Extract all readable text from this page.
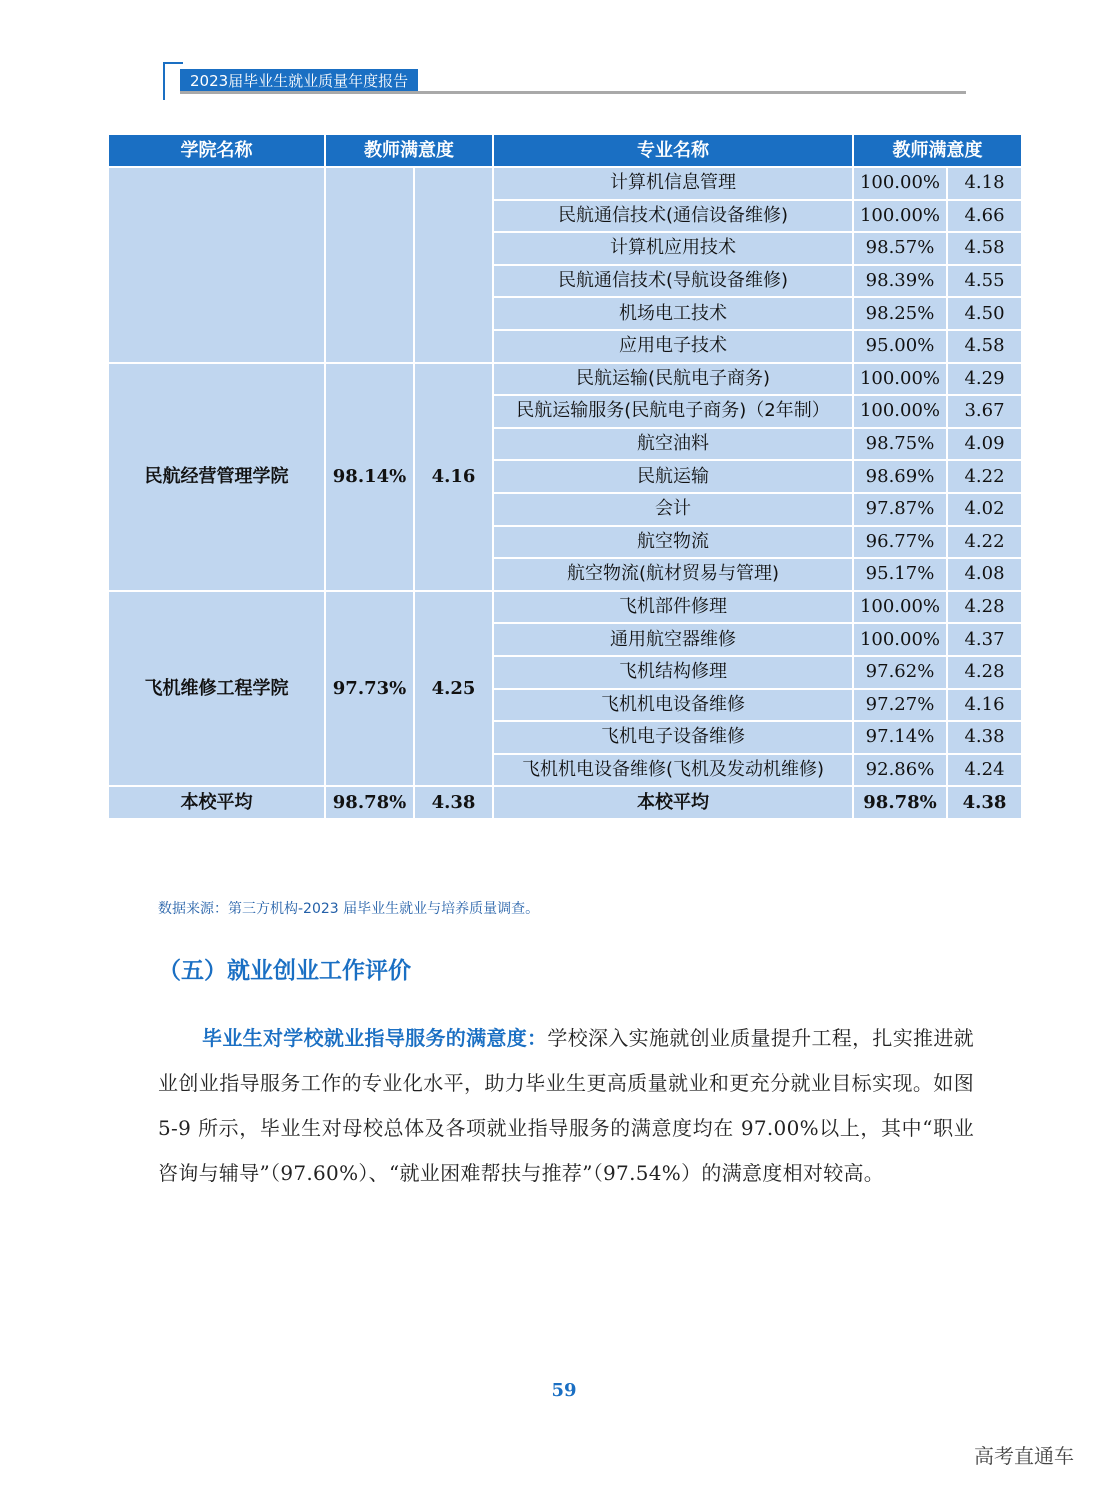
2023届毕业生就业质量年度报告
学院名称	教师满意度		专业名称	教师满意度	
			计算机信息管理	100.00%	4.18
			民航通信技术(通信设备维修)	100.00%	4.66
			计算机应用技术	98.57%	4.58
			民航通信技术(导航设备维修)	98.39%	4.55
			机场电工技术	98.25%	4.50
			应用电子技术	95.00%	4.58
民航经营管理学院	98.14%	4.16	民航运输(民航电子商务)	100.00%	4.29
			民航运输服务(民航电子商务)（2年制）	100.00%	3.67
			航空油料	98.75%	4.09
			民航运输	98.69%	4.22
			会计	97.87%	4.02
			航空物流	96.77%	4.22
			航空物流(航材贸易与管理)	95.17%	4.08
飞机维修工程学院	97.73%	4.25	飞机部件修理	100.00%	4.28
			通用航空器维修	100.00%	4.37
			飞机结构修理	97.62%	4.28
			飞机机电设备维修	97.27%	4.16
			飞机电子设备维修	97.14%	4.38
			飞机机电设备维修(飞机及发动机维修)	92.86%	4.24
本校平均	98.78%	4.38	本校平均	98.78%	4.38
数据来源：第三方机构-2023 届毕业生就业与培养质量调查。
（五）就业创业工作评价

毕业生对学校就业指导服务的满意度：学校深入实施就创业质量提升工程，扎实推进就业创业指导服务工作的专业化水平，助力毕业生更高质量就业和更充分就业目标实现。如图 5-9 所示，毕业生对母校总体及各项就业指导服务的满意度均在 97.00%以上，其中“职业咨询与辅导”（97.60%）、“就业困难帮扶与推荐”（97.54%）的满意度相对较高。

59
高考直通车
